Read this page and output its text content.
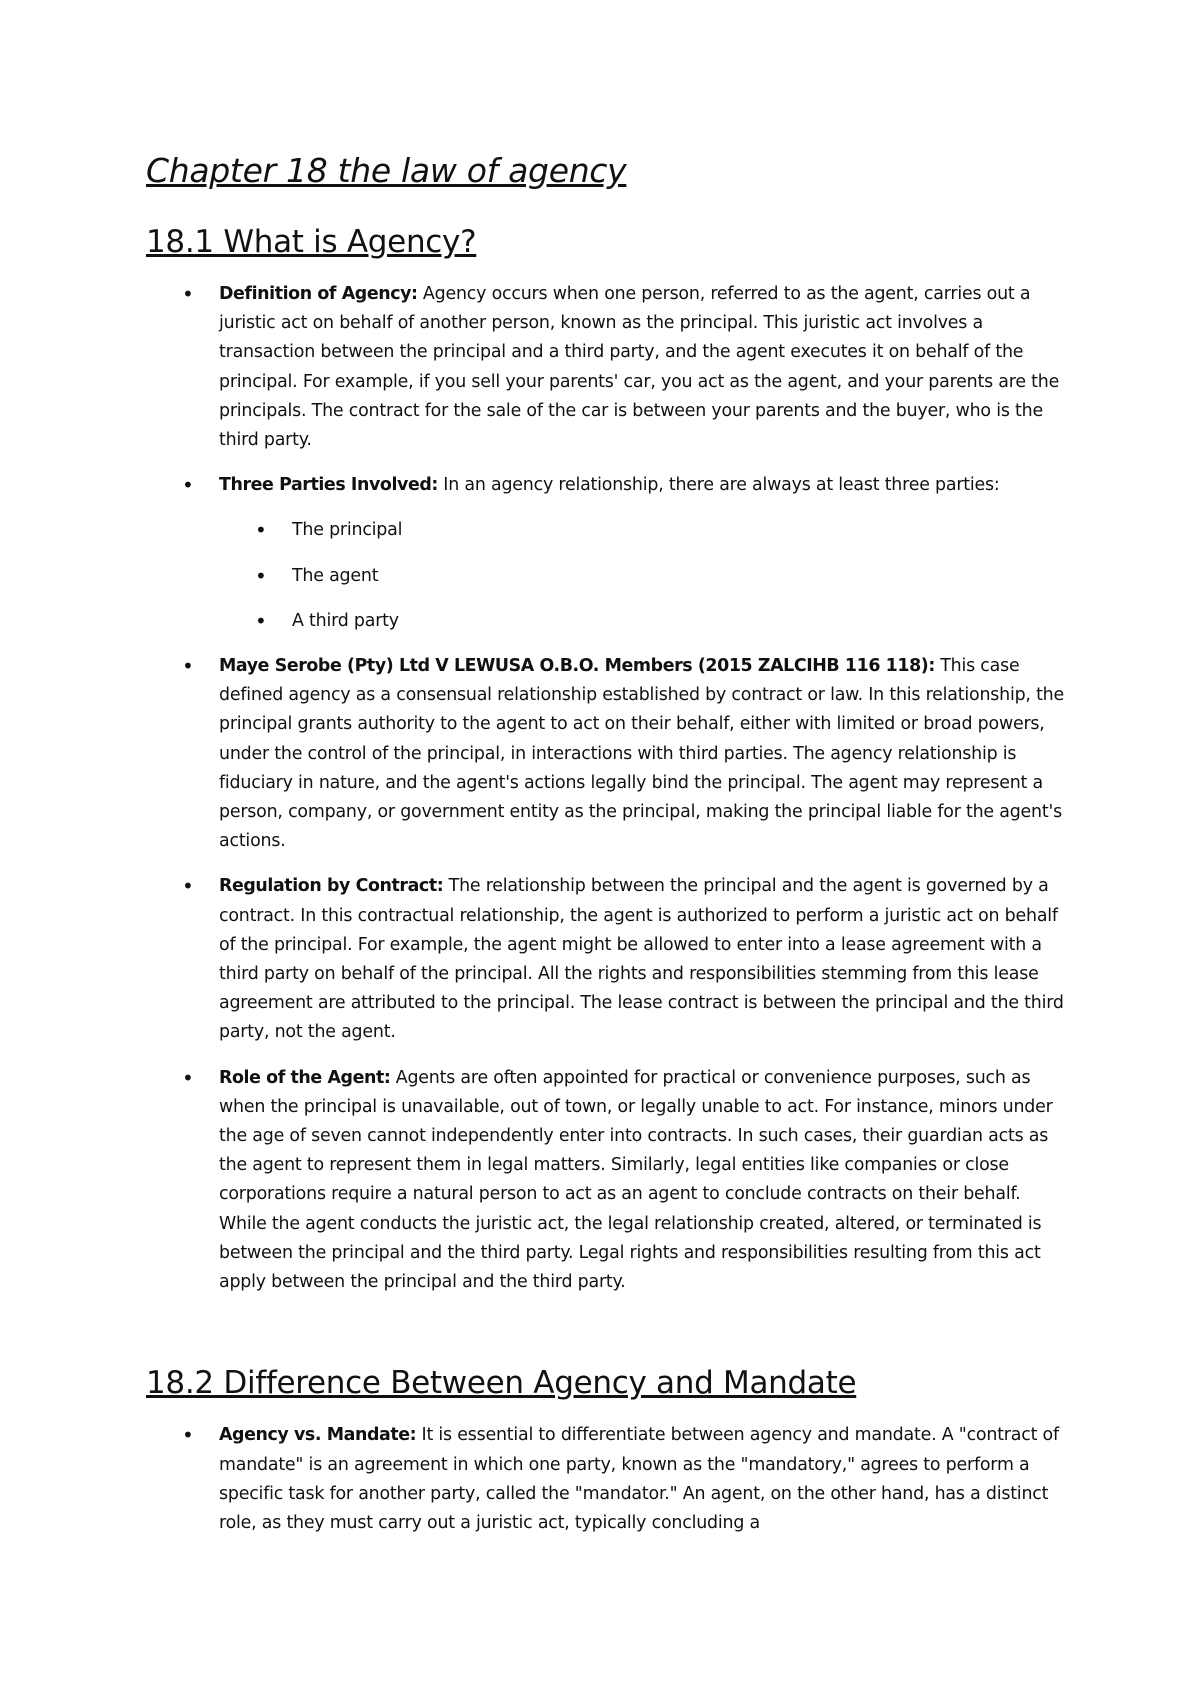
Chapter 18 the law of agency
18.1 What is Agency?
• Definition of Agency: Agency occurs when one person, referred to as the agent, carries out a juristic act on behalf of another person, known as the principal. This juristic act involves a transaction between the principal and a third party, and the agent executes it on behalf of the principal. For example, if you sell your parents' car, you act as the agent, and your parents are the principals. The contract for the sale of the car is between your parents and the buyer, who is the third party.
• Three Parties Involved: In an agency relationship, there are always at least three parties:
• The principal
• The agent
• A third party
• Maye Serobe (Pty) Ltd V LEWUSA O.B.O. Members (2015 ZALCIHB 116 118): This case defined agency as a consensual relationship established by contract or law. In this relationship, the principal grants authority to the agent to act on their behalf, either with limited or broad powers, under the control of the principal, in interactions with third parties. The agency relationship is fiduciary in nature, and the agent's actions legally bind the principal. The agent may represent a person, company, or government entity as the principal, making the principal liable for the agent's actions.
• Regulation by Contract: The relationship between the principal and the agent is governed by a contract. In this contractual relationship, the agent is authorized to perform a juristic act on behalf of the principal. For example, the agent might be allowed to enter into a lease agreement with a third party on behalf of the principal. All the rights and responsibilities stemming from this lease agreement are attributed to the principal. The lease contract is between the principal and the third party, not the agent.
• Role of the Agent: Agents are often appointed for practical or convenience purposes, such as when the principal is unavailable, out of town, or legally unable to act. For instance, minors under the age of seven cannot independently enter into contracts. In such cases, their guardian acts as the agent to represent them in legal matters. Similarly, legal entities like companies or close corporations require a natural person to act as an agent to conclude contracts on their behalf. While the agent conducts the juristic act, the legal relationship created, altered, or terminated is between the principal and the third party. Legal rights and responsibilities resulting from this act apply between the principal and the third party.
18.2 Difference Between Agency and Mandate
• Agency vs. Mandate: It is essential to differentiate between agency and mandate. A "contract of mandate" is an agreement in which one party, known as the "mandatory," agrees to perform a specific task for another party, called the "mandator." An agent, on the other hand, has a distinct role, as they must carry out a juristic act, typically concluding a
